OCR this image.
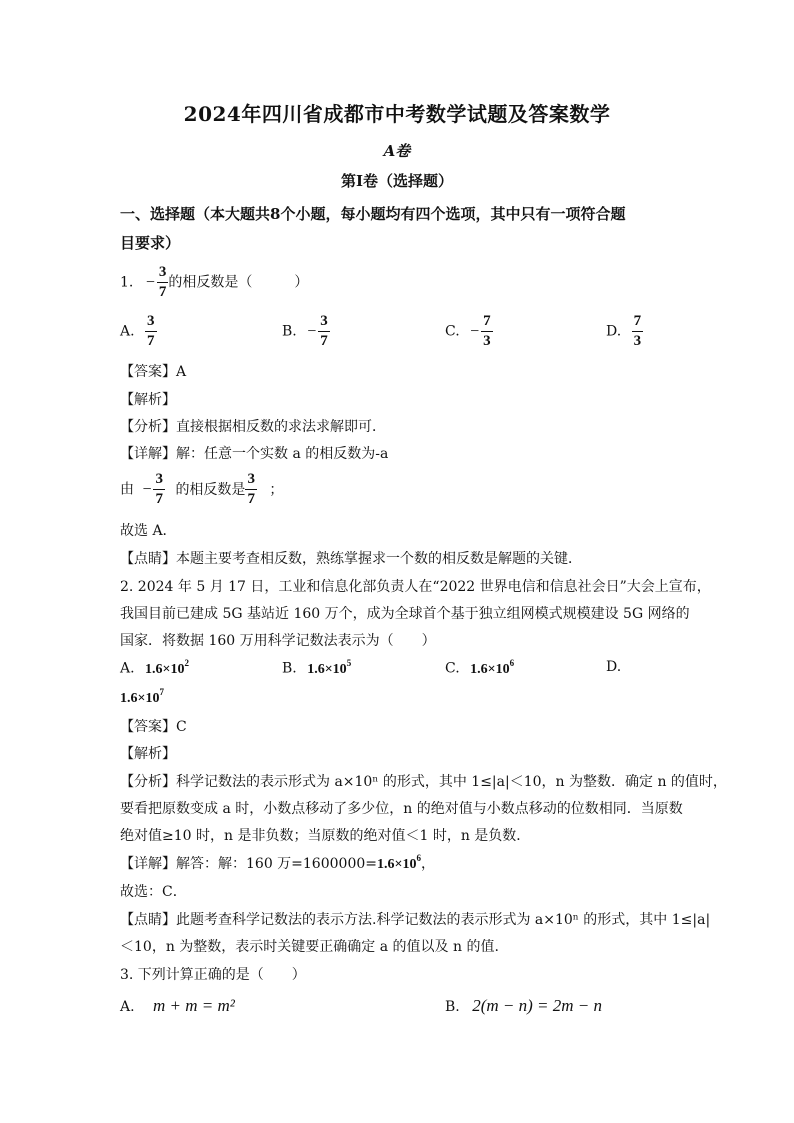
2024年四川省成都市中考数学试题及答案数学
A卷
第Ⅰ卷（选择题）
一、选择题（本大题共8个小题，每小题均有四个选项，其中只有一项符合题
目要求）
1. − $\frac{3}{7}$ 的相反数是（　　　）
A. $\frac{3}{7}$	B. − $\frac{3}{7}$	C. − $\frac{7}{3}$	D. $\frac{7}{3}$
【答案】A
【解析】
【分析】直接根据相反数的求法求解即可．
【详解】解：任意一个实数 a 的相反数为-a
由 − $\frac{3}{7}$ 的相反数是 $\frac{3}{7}$ ；
故选 A．
【点睛】本题主要考查相反数，熟练掌握求一个数的相反数是解题的关键．
2. 2024 年 5 月 17 日，工业和信息化部负责人在“2022 世界电信和信息社会日”大会上宣布，
我国目前已建成 5G 基站近 160 万个，成为全球首个基于独立组网模式规模建设 5G 网络的
国家．将数据 160 万用科学记数法表示为（　　）
A. $1.6\times 10^2$	B. $1.6\times 10^5$	C. $1.6\times 10^6$	D.
$1.6\times 10^7$
【答案】C
【解析】
【分析】科学记数法的表示形式为 a×10ⁿ 的形式，其中 1≤|a|＜10，n 为整数．确定 n 的值时，
要看把原数变成 a 时，小数点移动了多少位，n 的绝对值与小数点移动的位数相同．当原数
绝对值≥10 时，n 是非负数；当原数的绝对值＜1 时，n 是负数．
【详解】解答：解：160 万$=1600000=1.6\times 10^6$，
故选：C．
【点睛】此题考查科学记数法的表示方法.科学记数法的表示形式为 a×10ⁿ 的形式，其中 1≤|a|
＜10，n 为整数，表示时关键要正确确定 a 的值以及 n 的值.
3. 下列计算正确的是（　　）
A. m + m = m²	B. 2(m − n) = 2m − n
